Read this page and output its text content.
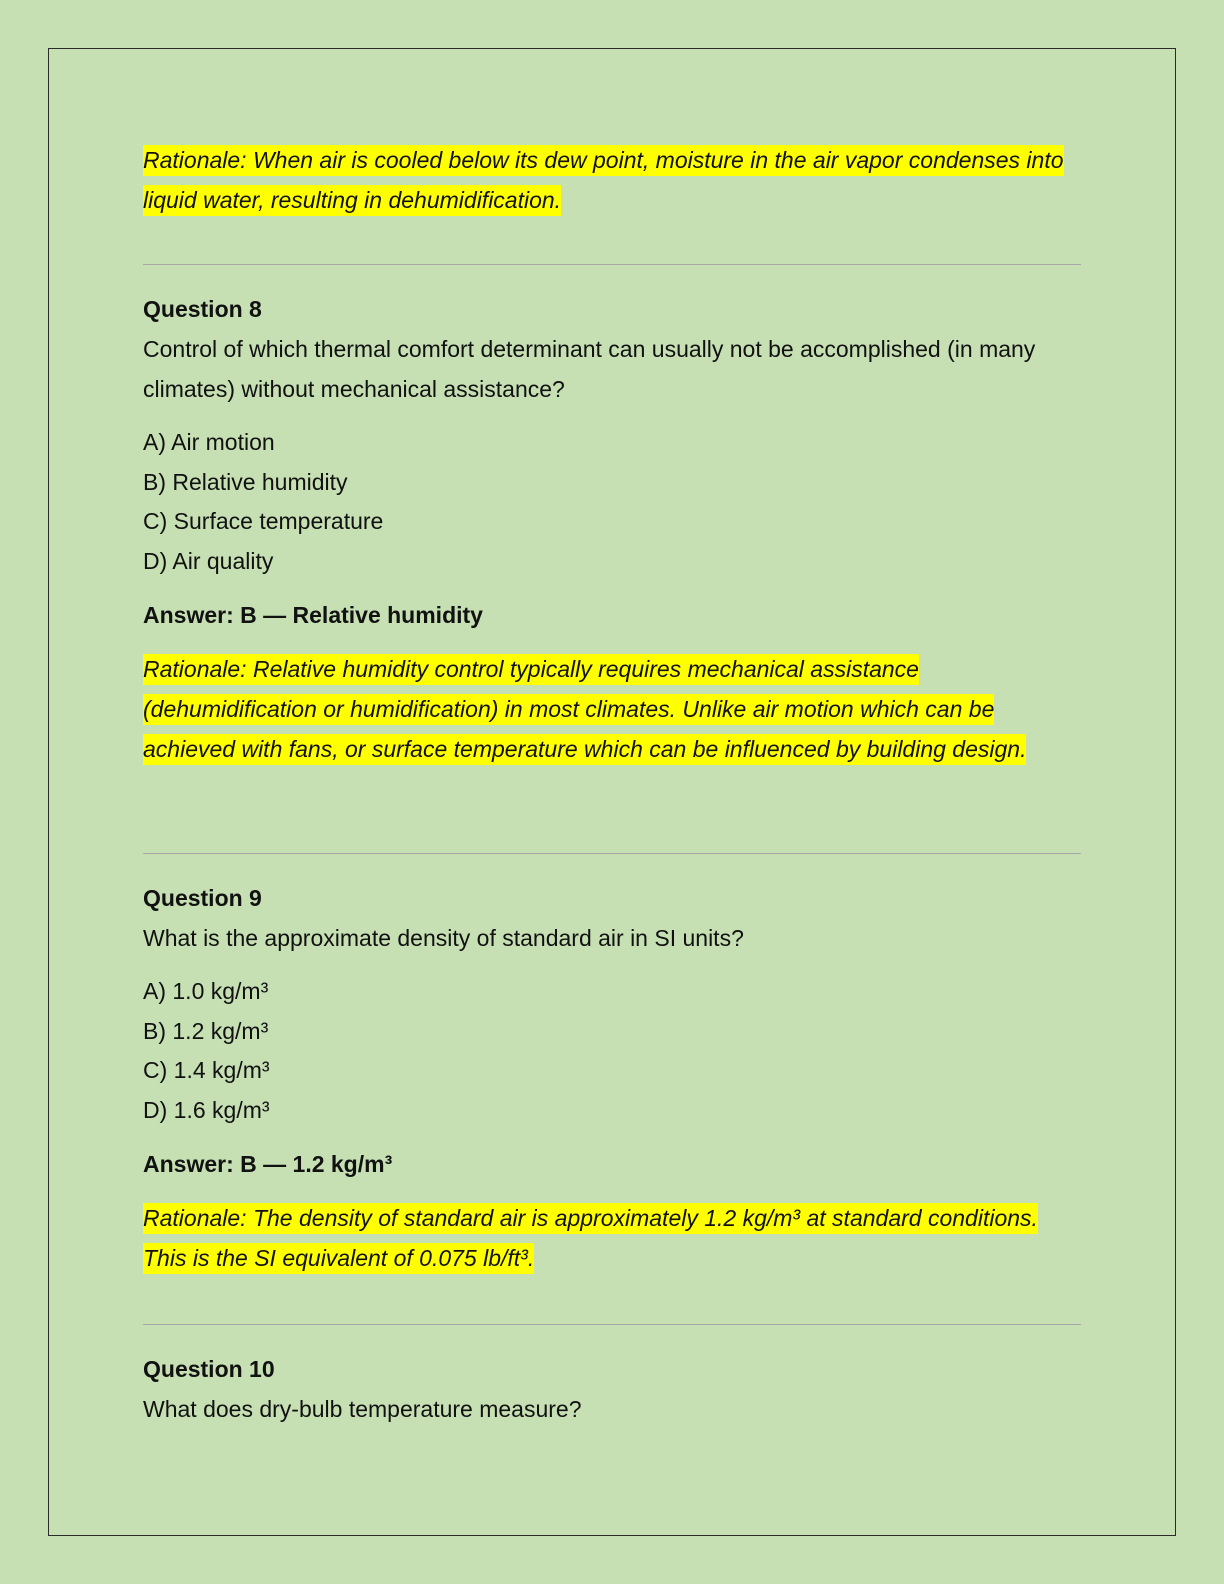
Rationale: When air is cooled below its dew point, moisture in the air vapor condenses into liquid water, resulting in dehumidification.

Question 8

Control of which thermal comfort determinant can usually not be accomplished (in many climates) without mechanical assistance?

A) Air motion
B) Relative humidity
C) Surface temperature
D) Air quality

Answer: B — Relative humidity

Rationale: Relative humidity control typically requires mechanical assistance (dehumidification or humidification) in most climates. Unlike air motion which can be achieved with fans, or surface temperature which can be influenced by building design.

Question 9

What is the approximate density of standard air in SI units?

A) 1.0 kg/m³
B) 1.2 kg/m³
C) 1.4 kg/m³
D) 1.6 kg/m³

Answer: B — 1.2 kg/m³

Rationale: The density of standard air is approximately 1.2 kg/m³ at standard conditions. This is the SI equivalent of 0.075 lb/ft³.

Question 10

What does dry-bulb temperature measure?
